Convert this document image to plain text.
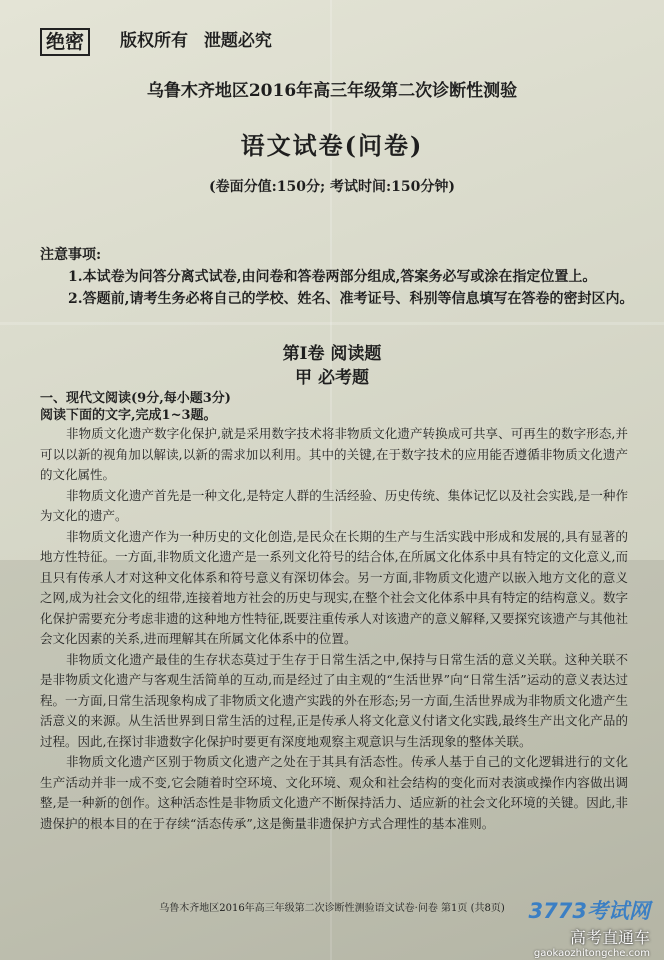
绝密	版权所有 泄题必究
乌鲁木齐地区2016年高三年级第二次诊断性测验
语文试卷(问卷)
(卷面分值:150分; 考试时间:150分钟)
注意事项:
1.本试卷为问答分离式试卷,由问卷和答卷两部分组成,答案务必写或涂在指定位置上。
2.答题前,请考生务必将自己的学校、姓名、准考证号、科别等信息填写在答卷的密封区内。
第Ⅰ卷 阅读题
甲 必考题
一、现代文阅读(9分,每小题3分)
阅读下面的文字,完成1~3题。

非物质文化遗产数字化保护,就是采用数字技术将非物质文化遗产转换成可共享、可再生的数字形态,并可以以新的视角加以解读,以新的需求加以利用。其中的关键,在于数字技术的应用能否遵循非物质文化遗产的文化属性。

非物质文化遗产首先是一种文化,是特定人群的生活经验、历史传统、集体记忆以及社会实践,是一种作为文化的遗产。

非物质文化遗产作为一种历史的文化创造,是民众在长期的生产与生活实践中形成和发展的,具有显著的地方性特征。一方面,非物质文化遗产是一系列文化符号的结合体,在所属文化体系中具有特定的文化意义,而且只有传承人才对这种文化体系和符号意义有深切体会。另一方面,非物质文化遗产以嵌入地方文化的意义之网,成为社会文化的纽带,连接着地方社会的历史与现实,在整个社会文化体系中具有特定的结构意义。数字化保护需要充分考虑非遗的这种地方性特征,既要注重传承人对该遗产的意义解释,又要探究该遗产与其他社会文化因素的关系,进而理解其在所属文化体系中的位置。

非物质文化遗产最佳的生存状态莫过于生存于日常生活之中,保持与日常生活的意义关联。这种关联不是非物质文化遗产与客观生活简单的互动,而是经过了由主观的“生活世界”向“日常生活”运动的意义表达过程。一方面,日常生活现象构成了非物质文化遗产实践的外在形态;另一方面,生活世界成为非物质文化遗产生活意义的来源。从生活世界到日常生活的过程,正是传承人将文化意义付诸文化实践,最终生产出文化产品的过程。因此,在探讨非遗数字化保护时要更有深度地观察主观意识与生活现象的整体关联。

非物质文化遗产区别于物质文化遗产之处在于其具有活态性。传承人基于自己的文化逻辑进行的文化生产活动并非一成不变,它会随着时空环境、文化环境、观众和社会结构的变化而对表演或操作内容做出调整,是一种新的创作。这种活态性是非物质文化遗产不断保持活力、适应新的社会文化环境的关键。因此,非遗保护的根本目的在于存续“活态传承”,这是衡量非遗保护方式合理性的基本准则。

乌鲁木齐地区2016年高三年级第二次诊断性测验语文试卷·问卷 第1页 (共8页)	3773考试网
高考直通车
gaokaozhitongche.com
